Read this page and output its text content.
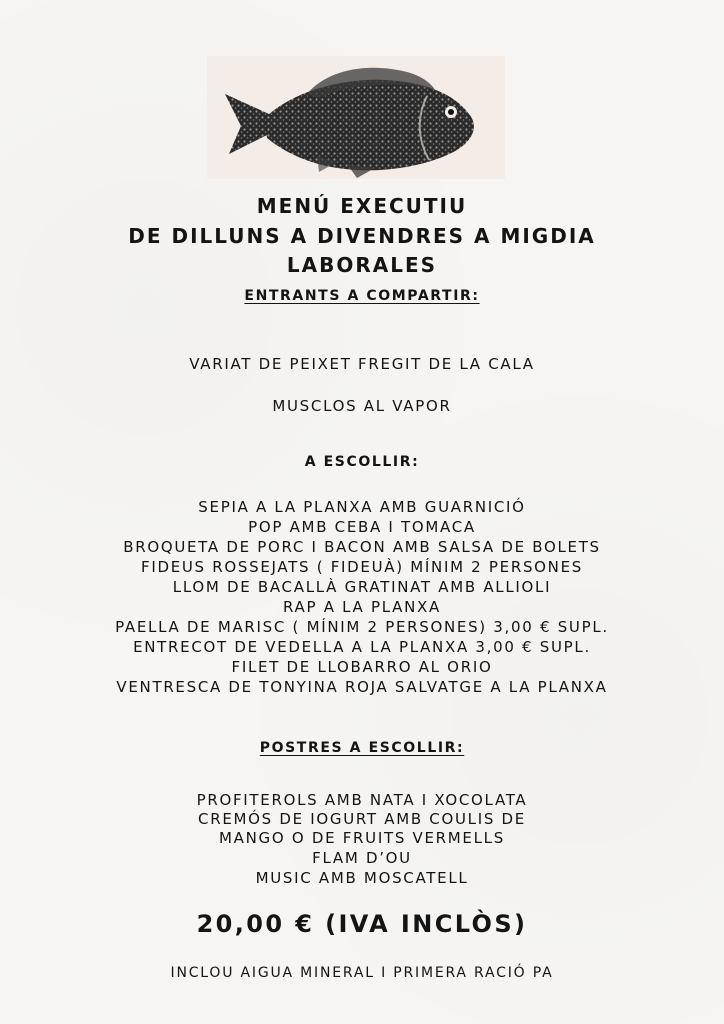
MENÚ EXECUTIU
DE DILLUNS A DIVENDRES A MIGDIA
LABORALES
ENTRANTS A COMPARTIR:
VARIAT DE PEIXET FREGIT DE LA CALA
MUSCLOS AL VAPOR
A ESCOLLIR:
SEPIA A LA PLANXA AMB GUARNICIÓ
POP AMB CEBA I TOMACA
BROQUETA DE PORC I BACON AMB SALSA DE BOLETS
FIDEUS ROSSEJATS ( FIDEUÀ) MÍNIM 2 PERSONES
LLOM DE BACALLÀ GRATINAT AMB ALLIOLI
RAP A LA PLANXA
PAELLA DE MARISC ( MÍNIM 2 PERSONES) 3,00 € SUPL.
ENTRECOT DE VEDELLA A LA PLANXA 3,00 € SUPL.
FILET DE LLOBARRO AL ORIO
VENTRESCA DE TONYINA ROJA SALVATGE A LA PLANXA
POSTRES A ESCOLLIR:
PROFITEROLS AMB NATA I XOCOLATA
CREMÓS DE IOGURT AMB COULIS DE
MANGO O DE FRUITS VERMELLS
FLAM D’OU
MUSIC AMB MOSCATELL
20,00 € (IVA INCLÒS)
INCLOU AIGUA MINERAL I PRIMERA RACIÓ PA
